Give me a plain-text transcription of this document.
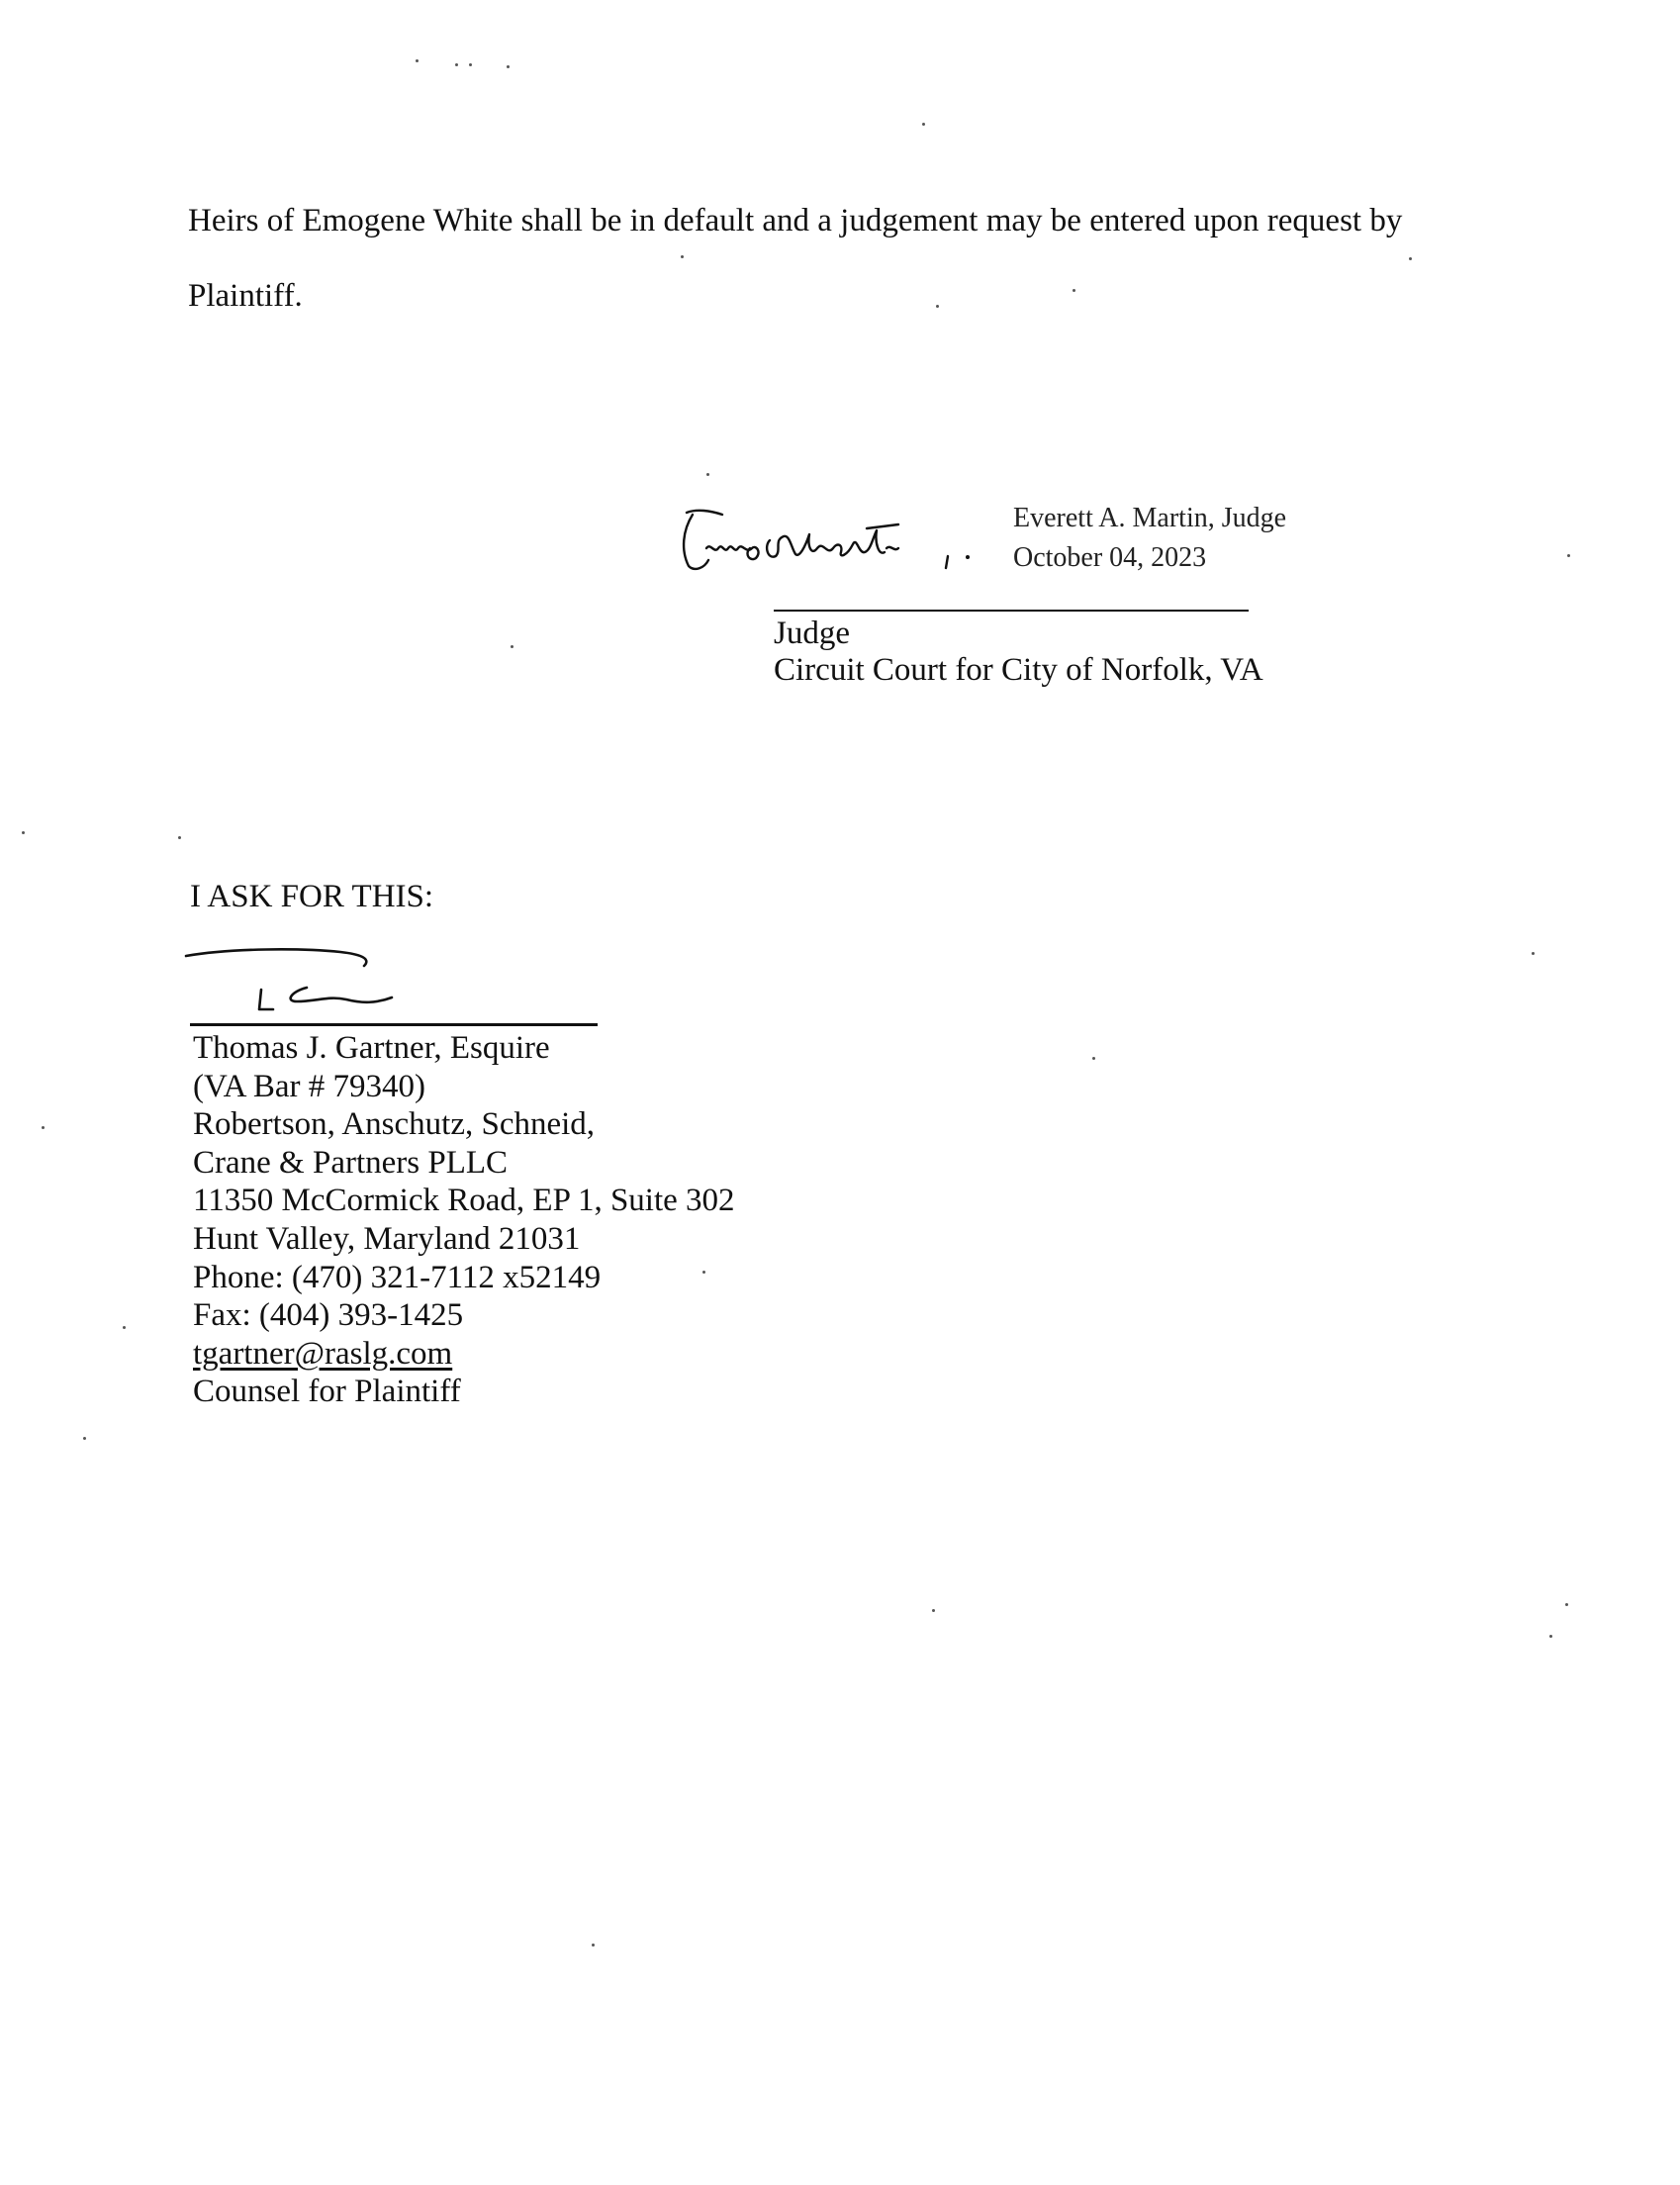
Heirs of Emogene White shall be in default and a judgement may be entered upon request by
Plaintiff.
Everett A. Martin, Judge
October 04, 2023
Judge
Circuit Court for City of Norfolk, VA
I ASK FOR THIS:
Thomas J. Gartner, Esquire
(VA Bar # 79340)
Robertson, Anschutz, Schneid,
Crane & Partners PLLC
11350 McCormick Road, EP 1, Suite 302
Hunt Valley, Maryland 21031
Phone: (470) 321-7112 x52149
Fax: (404) 393-1425
tgartner@raslg.com
Counsel for Plaintiff
